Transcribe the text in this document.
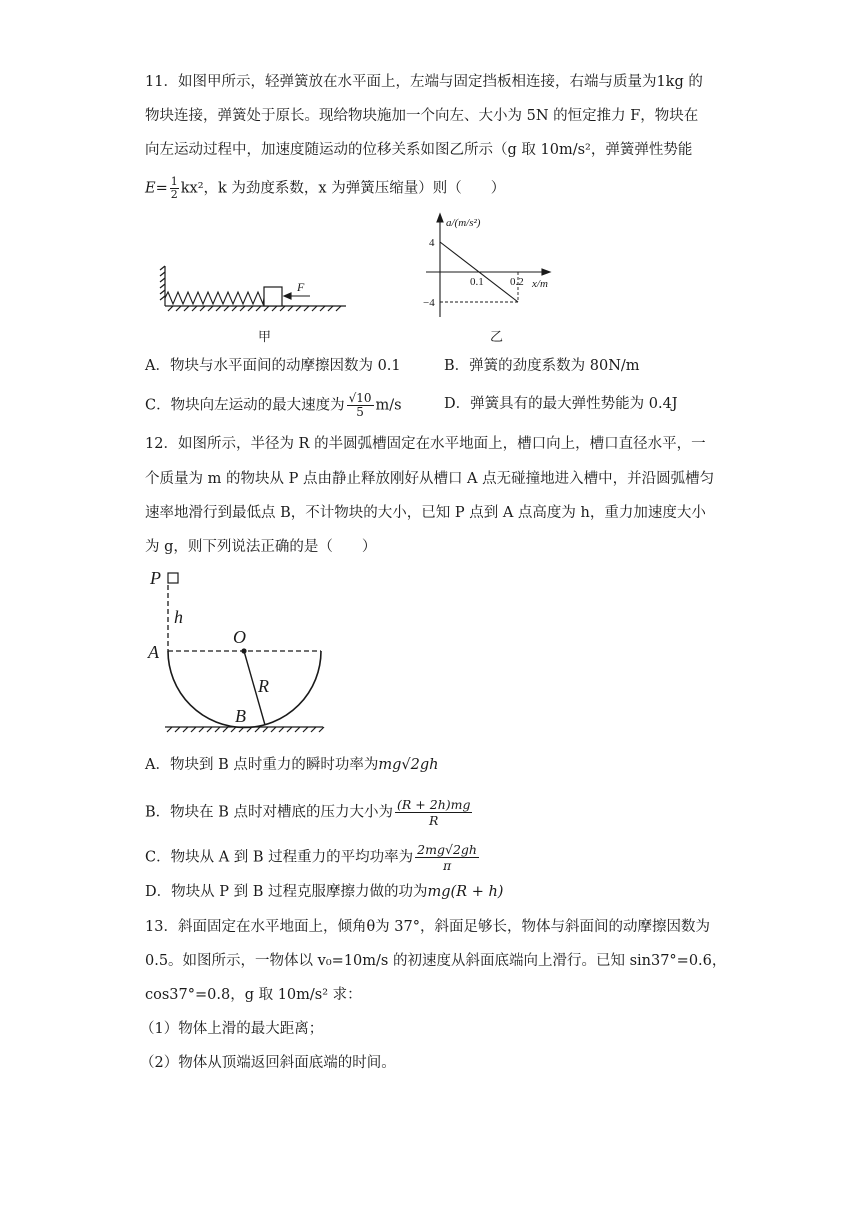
11．如图甲所示，轻弹簧放在水平面上，左端与固定挡板相连接，右端与质量为1kg 的
物块连接，弹簧处于原长。现给物块施加一个向左、大小为 5N 的恒定推力 F，物块在
向左运动过程中，加速度随运动的位移关系如图乙所示（g 取 10m/s²，弹簧弹性势能
$E= \frac{1}{2} kx^2$，k 为劲度系数，x 为弹簧压缩量）则（　　）
F
甲
a/(m/s²)
x/m
4
−4
0.1 0.2
乙
A．物块与水平面间的动摩擦因数为 0.1	B．弹簧的劲度系数为 80N/m
C．物块向左运动的最大速度为 $\frac{√10}{5} m/s$	D．弹簧具有的最大弹性势能为 0.4J
12．如图所示，半径为 R 的半圆弧槽固定在水平地面上，槽口向上，槽口直径水平，一
个质量为 m 的物块从 P 点由静止释放刚好从槽口 A 点无碰撞地进入槽中，并沿圆弧槽匀
速率地滑行到最低点 B，不计物块的大小，已知 P 点到 A 点高度为 h，重力加速度大小
为 g，则下列说法正确的是（　　）
P
h
O
A
R
B
A．物块到 B 点时重力的瞬时功率为mg√2gh
B．物块在 B 点时对槽底的压力大小为 $\frac{(R + 2h)mg}{R}$
C．物块从 A 到 B 过程重力的平均功率为 $\frac{2mg√2gh}{\pi}$
D．物块从 P 到 B 过程克服摩擦力做的功为mg(R + h)
13．斜面固定在水平地面上，倾角θ为 37°，斜面足够长，物体与斜面间的动摩擦因数为
0.5。如图所示，一物体以 v₀=10m/s 的初速度从斜面底端向上滑行。已知 sin37°=0.6，
cos37°=0.8，g 取 10m/s² 求：
（1）物体上滑的最大距离；
（2）物体从顶端返回斜面底端的时间。
